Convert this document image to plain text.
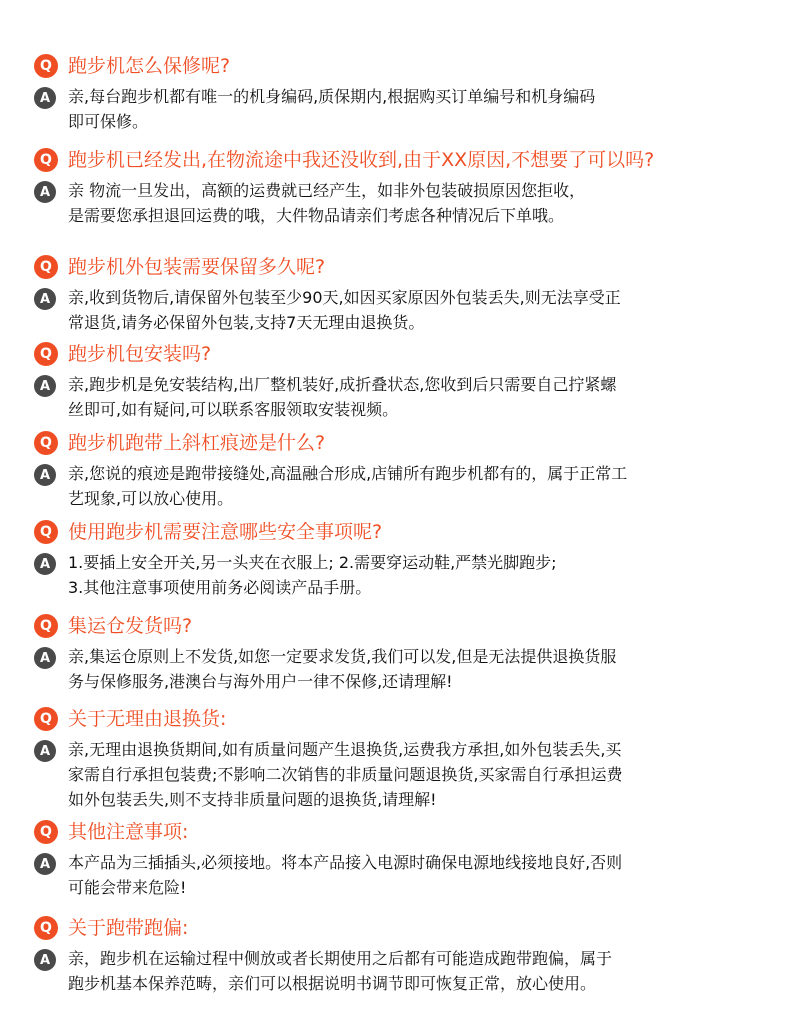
Q 跑步机怎么保修呢?
A	亲,每台跑步机都有唯一的机身编码,质保期内,根据购买订单编号和机身编码
即可保修。
Q 跑步机已经发出,在物流途中我还没收到,由于XX原因,不想要了可以吗?
A	亲 物流一旦发出，高额的运费就已经产生，如非外包装破损原因您拒收，
是需要您承担退回运费的哦，大件物品请亲们考虑各种情况后下单哦。
Q 跑步机外包装需要保留多久呢?
A	亲,收到货物后,请保留外包装至少90天,如因买家原因外包装丢失,则无法享受正
常退货,请务必保留外包装,支持7天无理由退换货。
Q 跑步机包安装吗?
A	亲,跑步机是免安装结构,出厂整机装好,成折叠状态,您收到后只需要自己拧紧螺
丝即可,如有疑问,可以联系客服领取安装视频。
Q 跑步机跑带上斜杠痕迹是什么?
A	亲,您说的痕迹是跑带接缝处,高温融合形成,店铺所有跑步机都有的，属于正常工
艺现象,可以放心使用。
Q 使用跑步机需要注意哪些安全事项呢?
A	1.要插上安全开关,另一头夹在衣服上; 2.需要穿运动鞋,严禁光脚跑步;
3.其他注意事项使用前务必阅读产品手册。
Q 集运仓发货吗?
A	亲,集运仓原则上不发货,如您一定要求发货,我们可以发,但是无法提供退换货服
务与保修服务,港澳台与海外用户一律不保修,还请理解!
Q 关于无理由退换货:
A	亲,无理由退换货期间,如有质量问题产生退换货,运费我方承担,如外包装丢失,买
家需自行承担包装费;不影响二次销售的非质量问题退换货,买家需自行承担运费
如外包装丢失,则不支持非质量问题的退换货,请理解!
Q 其他注意事项:
A	本产品为三插插头,必须接地。将本产品接入电源时确保电源地线接地良好,否则
可能会带来危险!
Q 关于跑带跑偏:
A	亲，跑步机在运输过程中侧放或者长期使用之后都有可能造成跑带跑偏，属于
跑步机基本保养范畴，亲们可以根据说明书调节即可恢复正常，放心使用。
